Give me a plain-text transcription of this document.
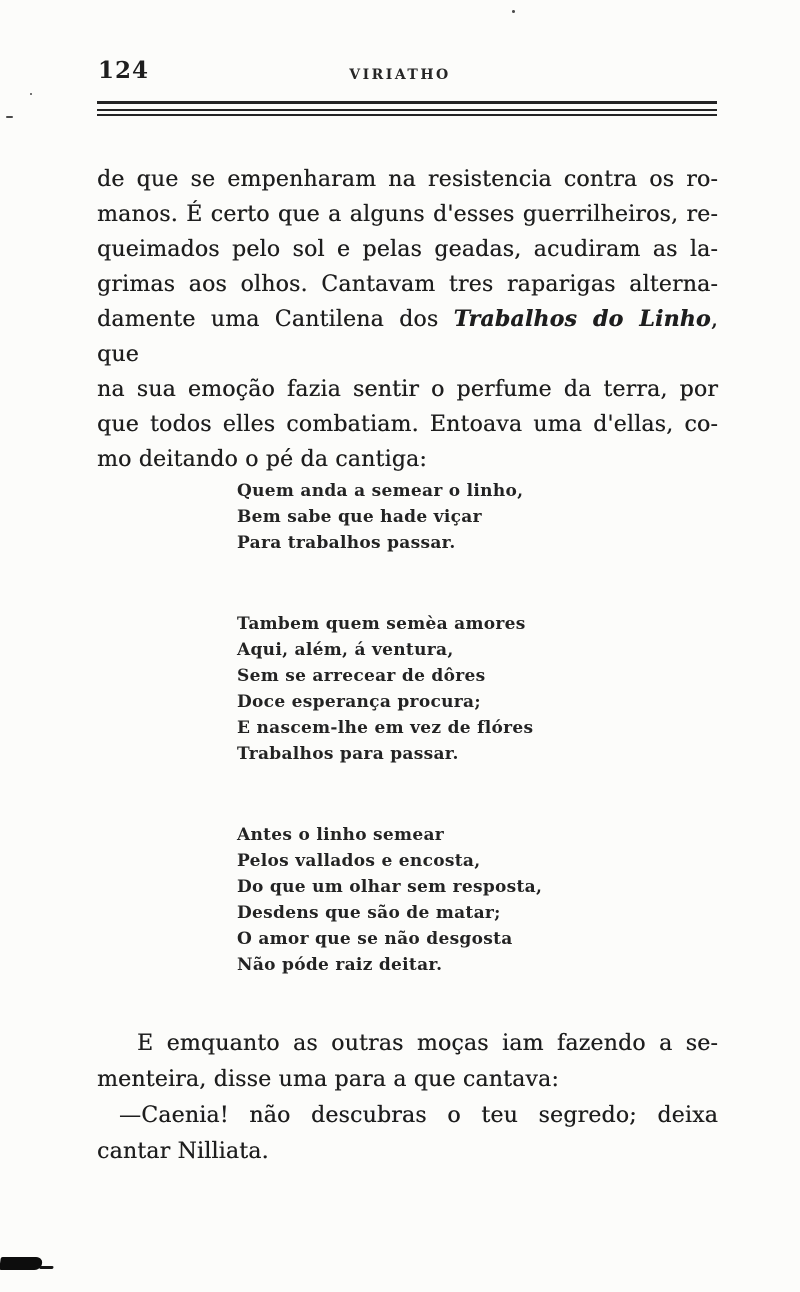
124	VIRIATHO
de que se empenharam na resistencia contra os ro-
manos. É certo que a alguns d'esses guerrilheiros, re-
queimados pelo sol e pelas geadas, acudiram as la-
grimas aos olhos. Cantavam tres raparigas alterna-
damente uma Cantilena dos Trabalhos do Linho, que
na sua emoção fazia sentir o perfume da terra, por
que todos elles combatiam. Entoava uma d'ellas, co-
mo deitando o pé da cantiga:
Quem anda a semear o linho,
Bem sabe que hade viçar
Para trabalhos passar.
Tambem quem semèa amores
Aqui, além, á ventura,
Sem se arrecear de dôres
Doce esperança procura;
E nascem-lhe em vez de flóres
Trabalhos para passar.
Antes o linho semear
Pelos vallados e encosta,
Do que um olhar sem resposta,
Desdens que são de matar;
O amor que se não desgosta
Não póde raiz deitar.
E emquanto as outras moças iam fazendo a se-
menteira, disse uma para a que cantava:
—Caenia! não descubras o teu segredo; deixa
cantar Nilliata.
